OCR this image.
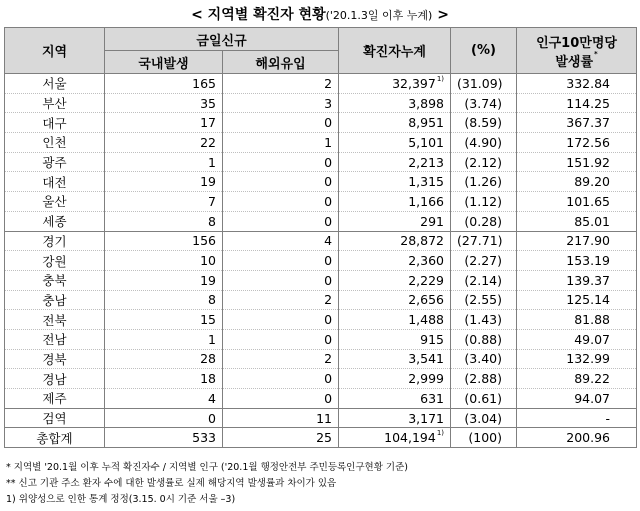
< 지역별 확진자 현황('20.1.3일 이후 누계) >
지역	금일신규		확진자누계	(%)	인구10만명당
발생률*

	국내발생	해외유입			
서울	165	2	32,397$^{1)}$	(31.09)	332.84
부산	35	3	3,898	(3.74)	114.25
대구	17	0	8,951	(8.59)	367.37
인천	22	1	5,101	(4.90)	172.56
광주	1	0	2,213	(2.12)	151.92
대전	19	0	1,315	(1.26)	89.20
울산	7	0	1,166	(1.12)	101.65
세종	8	0	291	(0.28)	85.01
경기	156	4	28,872	(27.71)	217.90
강원	10	0	2,360	(2.27)	153.19
충북	19	0	2,229	(2.14)	139.37
충남	8	2	2,656	(2.55)	125.14
전북	15	0	1,488	(1.43)	81.88
전남	1	0	915	(0.88)	49.07
경북	28	2	3,541	(3.40)	132.99
경남	18	0	2,999	(2.88)	89.22
제주	4	0	631	(0.61)	94.07
검역	0	11	3,171	(3.04)	-
총합계	533	25	104,194$^{1)}$	(100)	200.96
* 지역별 '20.1월 이후 누적 확진자수 / 지역별 인구 ('20.1월 행정안전부 주민등록인구현황 기준)
** 신고 기관 주소 환자 수에 대한 발생률로 실제 해당지역 발생률과 차이가 있음
1) 위양성으로 인한 통계 정정(3.15. 0시 기준 서울 –3)
